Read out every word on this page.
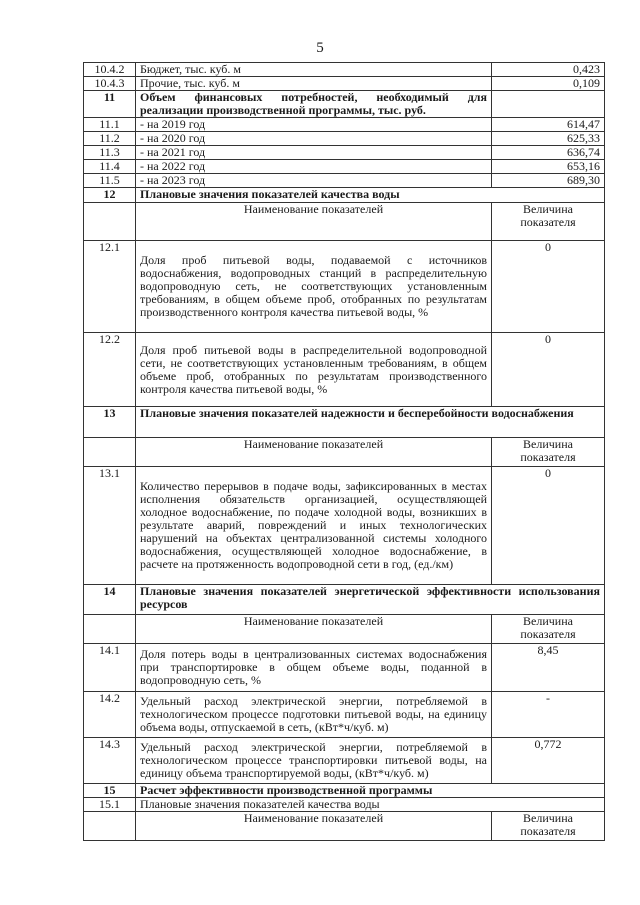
5
10.4.2	Бюджет, тыс. куб. м	0,423
10.4.3	Прочие, тыс. куб. м	0,109
11	Объем финансовых потребностей, необходимый для реализации производственной программы, тыс. руб.	
11.1	- на 2019 год	614,47
11.2	- на 2020 год	625,33
11.3	- на 2021 год	636,74
11.4	- на 2022 год	653,16
11.5	- на 2023 год	689,30
12	Плановые значения показателей качества воды	
	Наименование показателей	Величина показателя
12.1	Доля проб питьевой воды, подаваемой с источников водоснабжения, водопроводных станций в распределительную водопроводную сеть, не соответствующих установленным требованиям, в общем объеме проб, отобранных по результатам производственного контроля качества питьевой воды, %	0
12.2	Доля проб питьевой воды в распределительной водопроводной сети, не соответствующих установленным требованиям, в общем объеме проб, отобранных по результатам производственного контроля качества питьевой воды, %	0
13	Плановые значения показателей надежности и бесперебойности водоснабжения	
	Наименование показателей	Величина показателя
13.1	Количество перерывов в подаче воды, зафиксированных в местах исполнения обязательств организацией, осуществляющей холодное водоснабжение, по подаче холодной воды, возникших в результате аварий, повреждений и иных технологических нарушений на объектах централизованной системы холодного водоснабжения, осуществляющей холодное водоснабжение, в расчете на протяженность водопроводной сети в год, (ед./км)	0
14	Плановые значения показателей энергетической эффективности использования ресурсов	
	Наименование показателей	Величина показателя
14.1	Доля потерь воды в централизованных системах водоснабжения при транспортировке в общем объеме воды, поданной в водопроводную сеть, %	8,45
14.2	Удельный расход электрической энергии, потребляемой в технологическом процессе подготовки питьевой воды, на единицу объема воды, отпускаемой в сеть, (кВт*ч/куб. м)	-
14.3	Удельный расход электрической энергии, потребляемой в технологическом процессе транспортировки питьевой воды, на единицу объема транспортируемой воды, (кВт*ч/куб. м)	0,772
15	Расчет эффективности производственной программы	
15.1	Плановые значения показателей качества воды	
	Наименование показателей	Величина показателя
